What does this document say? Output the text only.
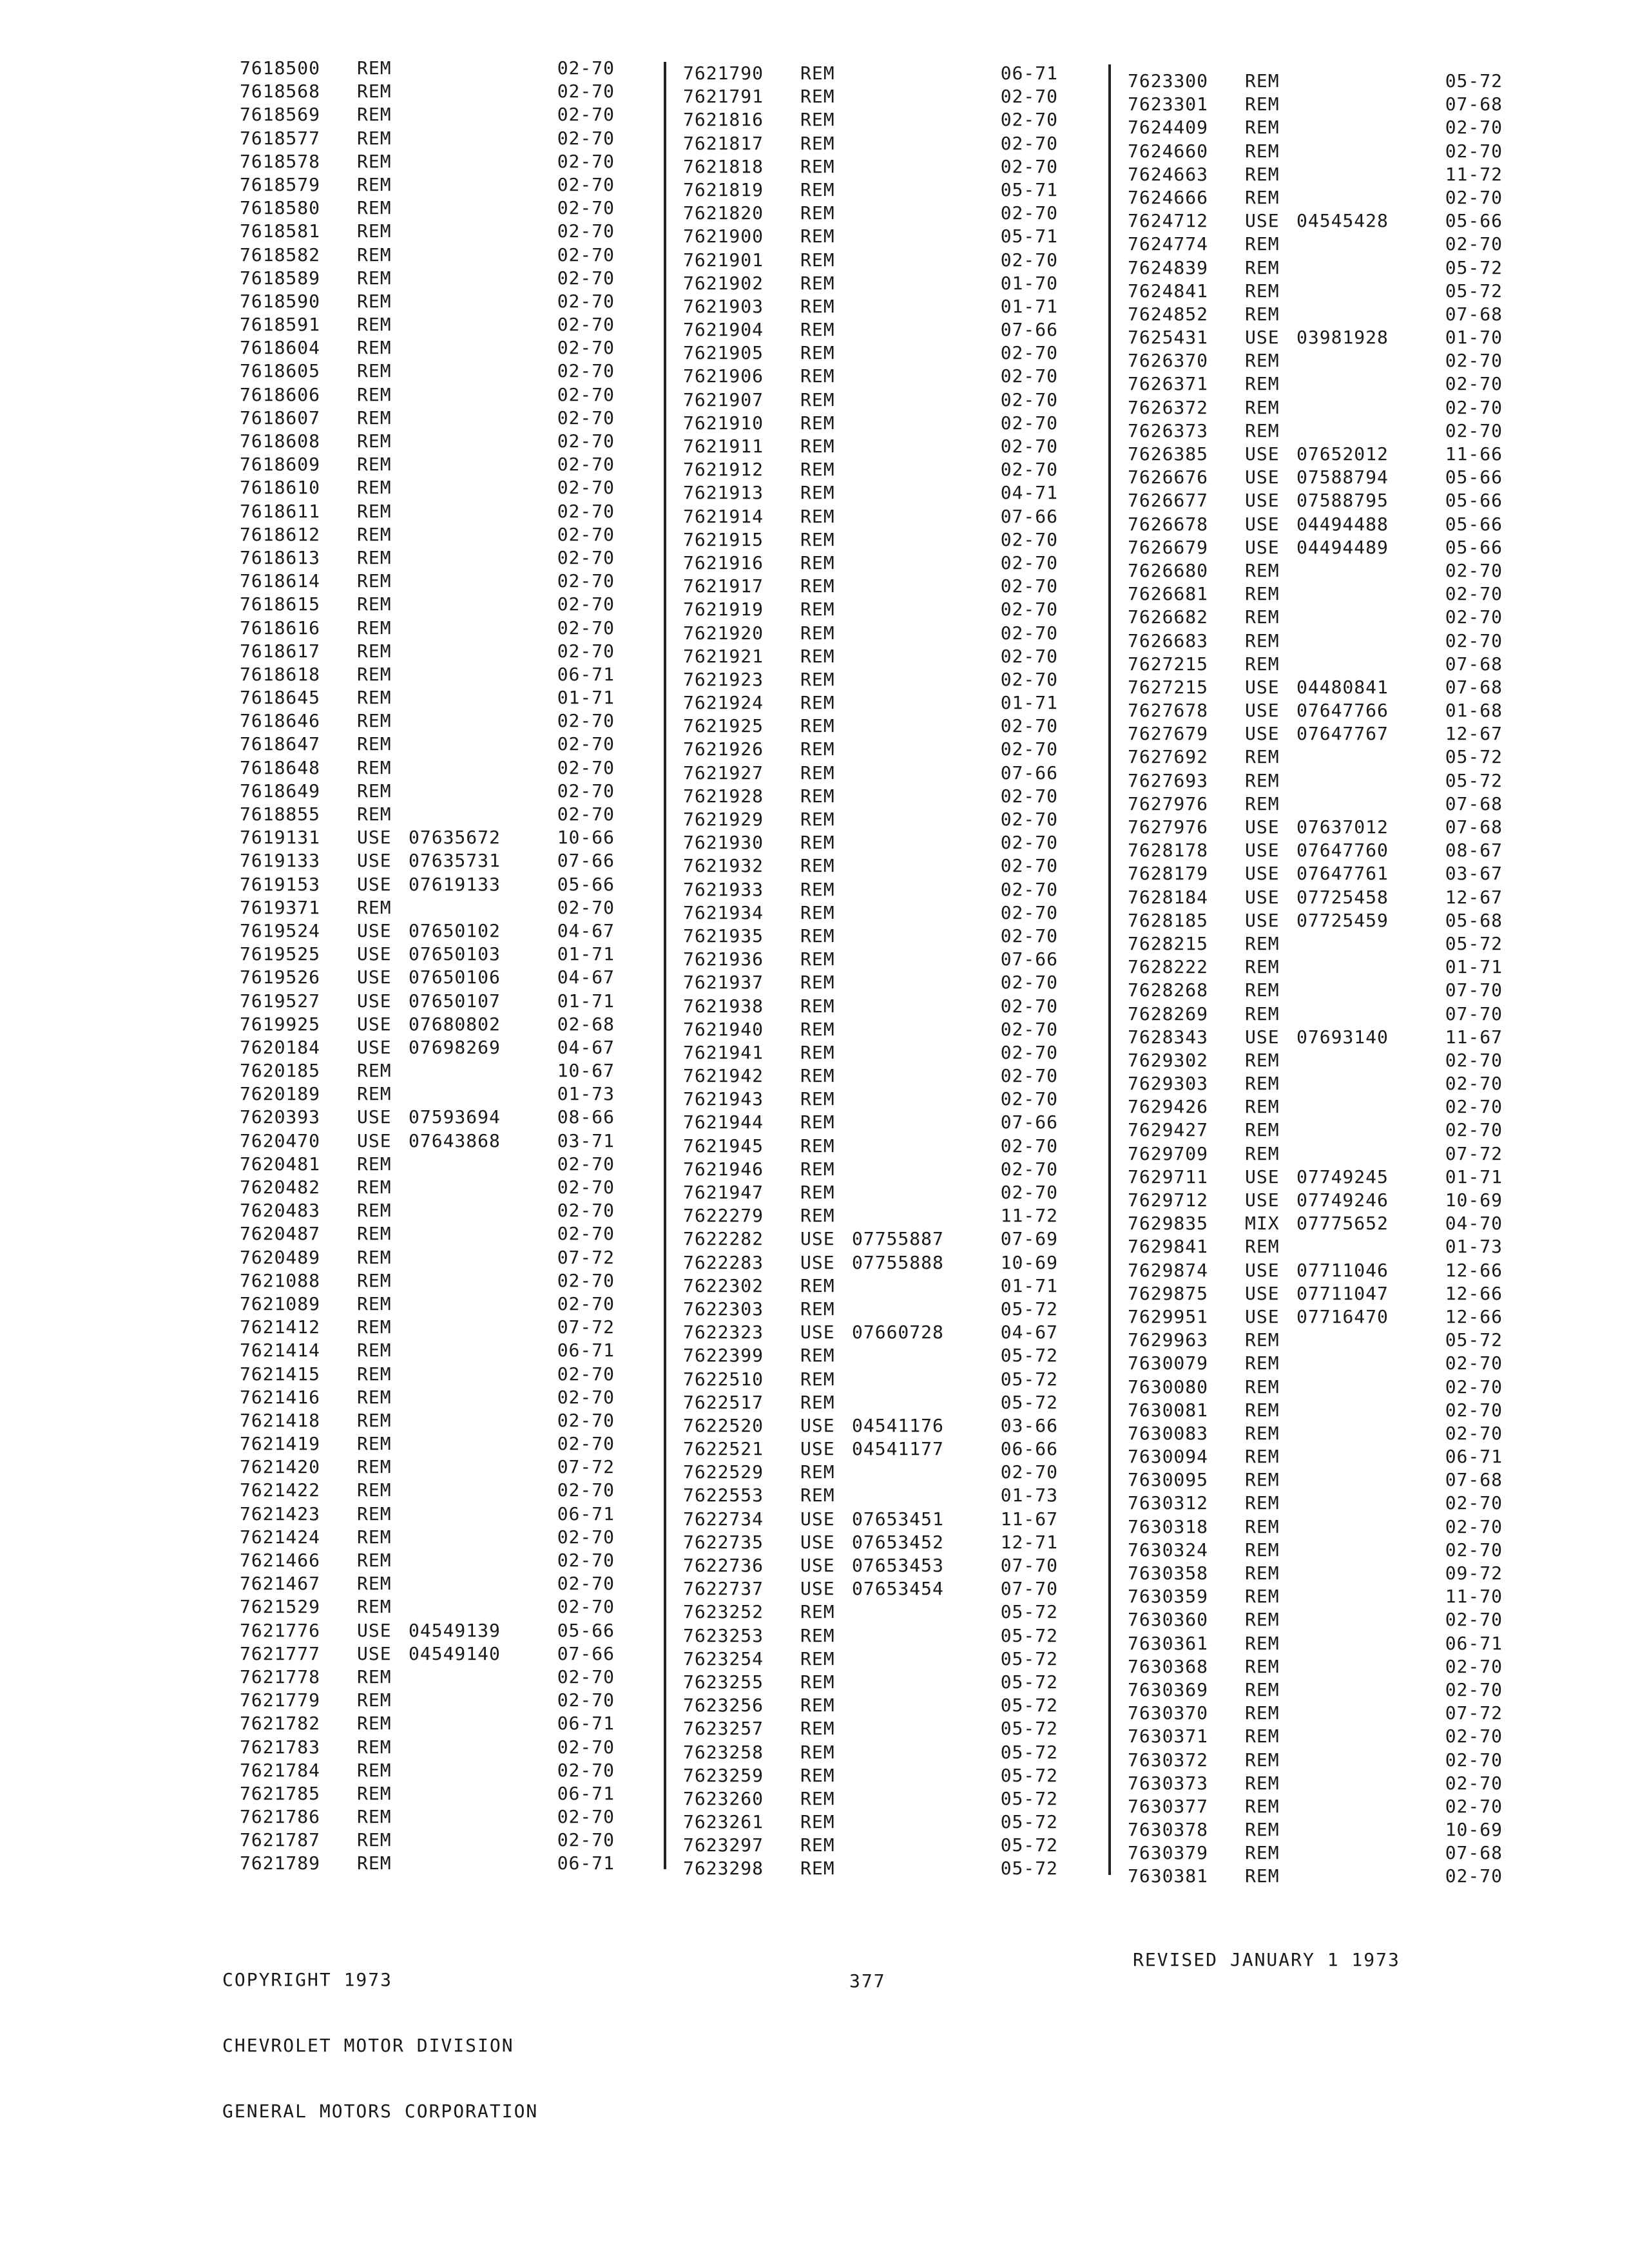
7618500	REM	02-70
7618568	REM	02-70
7618569	REM	02-70
7618577	REM	02-70
7618578	REM	02-70
7618579	REM	02-70
7618580	REM	02-70
7618581	REM	02-70
7618582	REM	02-70
7618589	REM	02-70
7618590	REM	02-70
7618591	REM	02-70
7618604	REM	02-70
7618605	REM	02-70
7618606	REM	02-70
7618607	REM	02-70
7618608	REM	02-70
7618609	REM	02-70
7618610	REM	02-70
7618611	REM	02-70
7618612	REM	02-70
7618613	REM	02-70
7618614	REM	02-70
7618615	REM	02-70
7618616	REM	02-70
7618617	REM	02-70
7618618	REM	06-71
7618645	REM	01-71
7618646	REM	02-70
7618647	REM	02-70
7618648	REM	02-70
7618649	REM	02-70
7618855	REM	02-70
7619131	USE 07635672	10-66
7619133	USE 07635731	07-66
7619153	USE 07619133	05-66
7619371	REM	02-70
7619524	USE 07650102	04-67
7619525	USE 07650103	01-71
7619526	USE 07650106	04-67
7619527	USE 07650107	01-71
7619925	USE 07680802	02-68
7620184	USE 07698269	04-67
7620185	REM	10-67
7620189	REM	01-73
7620393	USE 07593694	08-66
7620470	USE 07643868	03-71
7620481	REM	02-70
7620482	REM	02-70
7620483	REM	02-70
7620487	REM	02-70
7620489	REM	07-72
7621088	REM	02-70
7621089	REM	02-70
7621412	REM	07-72
7621414	REM	06-71
7621415	REM	02-70
7621416	REM	02-70
7621418	REM	02-70
7621419	REM	02-70
7621420	REM	07-72
7621422	REM	02-70
7621423	REM	06-71
7621424	REM	02-70
7621466	REM	02-70
7621467	REM	02-70
7621529	REM	02-70
7621776	USE 04549139	05-66
7621777	USE 04549140	07-66
7621778	REM	02-70
7621779	REM	02-70
7621782	REM	06-71
7621783	REM	02-70
7621784	REM	02-70
7621785	REM	06-71
7621786	REM	02-70
7621787	REM	02-70
7621789	REM	06-71
7621790	REM	06-71
7621791	REM	02-70
7621816	REM	02-70
7621817	REM	02-70
7621818	REM	02-70
7621819	REM	05-71
7621820	REM	02-70
7621900	REM	05-71
7621901	REM	02-70
7621902	REM	01-70
7621903	REM	01-71
7621904	REM	07-66
7621905	REM	02-70
7621906	REM	02-70
7621907	REM	02-70
7621910	REM	02-70
7621911	REM	02-70
7621912	REM	02-70
7621913	REM	04-71
7621914	REM	07-66
7621915	REM	02-70
7621916	REM	02-70
7621917	REM	02-70
7621919	REM	02-70
7621920	REM	02-70
7621921	REM	02-70
7621923	REM	02-70
7621924	REM	01-71
7621925	REM	02-70
7621926	REM	02-70
7621927	REM	07-66
7621928	REM	02-70
7621929	REM	02-70
7621930	REM	02-70
7621932	REM	02-70
7621933	REM	02-70
7621934	REM	02-70
7621935	REM	02-70
7621936	REM	07-66
7621937	REM	02-70
7621938	REM	02-70
7621940	REM	02-70
7621941	REM	02-70
7621942	REM	02-70
7621943	REM	02-70
7621944	REM	07-66
7621945	REM	02-70
7621946	REM	02-70
7621947	REM	02-70
7622279	REM	11-72
7622282	USE 07755887	07-69
7622283	USE 07755888	10-69
7622302	REM	01-71
7622303	REM	05-72
7622323	USE 07660728	04-67
7622399	REM	05-72
7622510	REM	05-72
7622517	REM	05-72
7622520	USE 04541176	03-66
7622521	USE 04541177	06-66
7622529	REM	02-70
7622553	REM	01-73
7622734	USE 07653451	11-67
7622735	USE 07653452	12-71
7622736	USE 07653453	07-70
7622737	USE 07653454	07-70
7623252	REM	05-72
7623253	REM	05-72
7623254	REM	05-72
7623255	REM	05-72
7623256	REM	05-72
7623257	REM	05-72
7623258	REM	05-72
7623259	REM	05-72
7623260	REM	05-72
7623261	REM	05-72
7623297	REM	05-72
7623298	REM	05-72
7623300	REM	05-72
7623301	REM	07-68
7624409	REM	02-70
7624660	REM	02-70
7624663	REM	11-72
7624666	REM	02-70
7624712	USE 04545428	05-66
7624774	REM	02-70
7624839	REM	05-72
7624841	REM	05-72
7624852	REM	07-68
7625431	USE 03981928	01-70
7626370	REM	02-70
7626371	REM	02-70
7626372	REM	02-70
7626373	REM	02-70
7626385	USE 07652012	11-66
7626676	USE 07588794	05-66
7626677	USE 07588795	05-66
7626678	USE 04494488	05-66
7626679	USE 04494489	05-66
7626680	REM	02-70
7626681	REM	02-70
7626682	REM	02-70
7626683	REM	02-70
7627215	REM	07-68
7627215	USE 04480841	07-68
7627678	USE 07647766	01-68
7627679	USE 07647767	12-67
7627692	REM	05-72
7627693	REM	05-72
7627976	REM	07-68
7627976	USE 07637012	07-68
7628178	USE 07647760	08-67
7628179	USE 07647761	03-67
7628184	USE 07725458	12-67
7628185	USE 07725459	05-68
7628215	REM	05-72
7628222	REM	01-71
7628268	REM	07-70
7628269	REM	07-70
7628343	USE 07693140	11-67
7629302	REM	02-70
7629303	REM	02-70
7629426	REM	02-70
7629427	REM	02-70
7629709	REM	07-72
7629711	USE 07749245	01-71
7629712	USE 07749246	10-69
7629835	MIX 07775652	04-70
7629841	REM	01-73
7629874	USE 07711046	12-66
7629875	USE 07711047	12-66
7629951	USE 07716470	12-66
7629963	REM	05-72
7630079	REM	02-70
7630080	REM	02-70
7630081	REM	02-70
7630083	REM	02-70
7630094	REM	06-71
7630095	REM	07-68
7630312	REM	02-70
7630318	REM	02-70
7630324	REM	02-70
7630358	REM	09-72
7630359	REM	11-70
7630360	REM	02-70
7630361	REM	06-71
7630368	REM	02-70
7630369	REM	02-70
7630370	REM	07-72
7630371	REM	02-70
7630372	REM	02-70
7630373	REM	02-70
7630377	REM	02-70
7630378	REM	10-69
7630379	REM	07-68
7630381	REM	02-70

COPYRIGHT 1973

CHEVROLET MOTOR DIVISION

GENERAL MOTORS CORPORATION

377
REVISED JANUARY 1 1973
